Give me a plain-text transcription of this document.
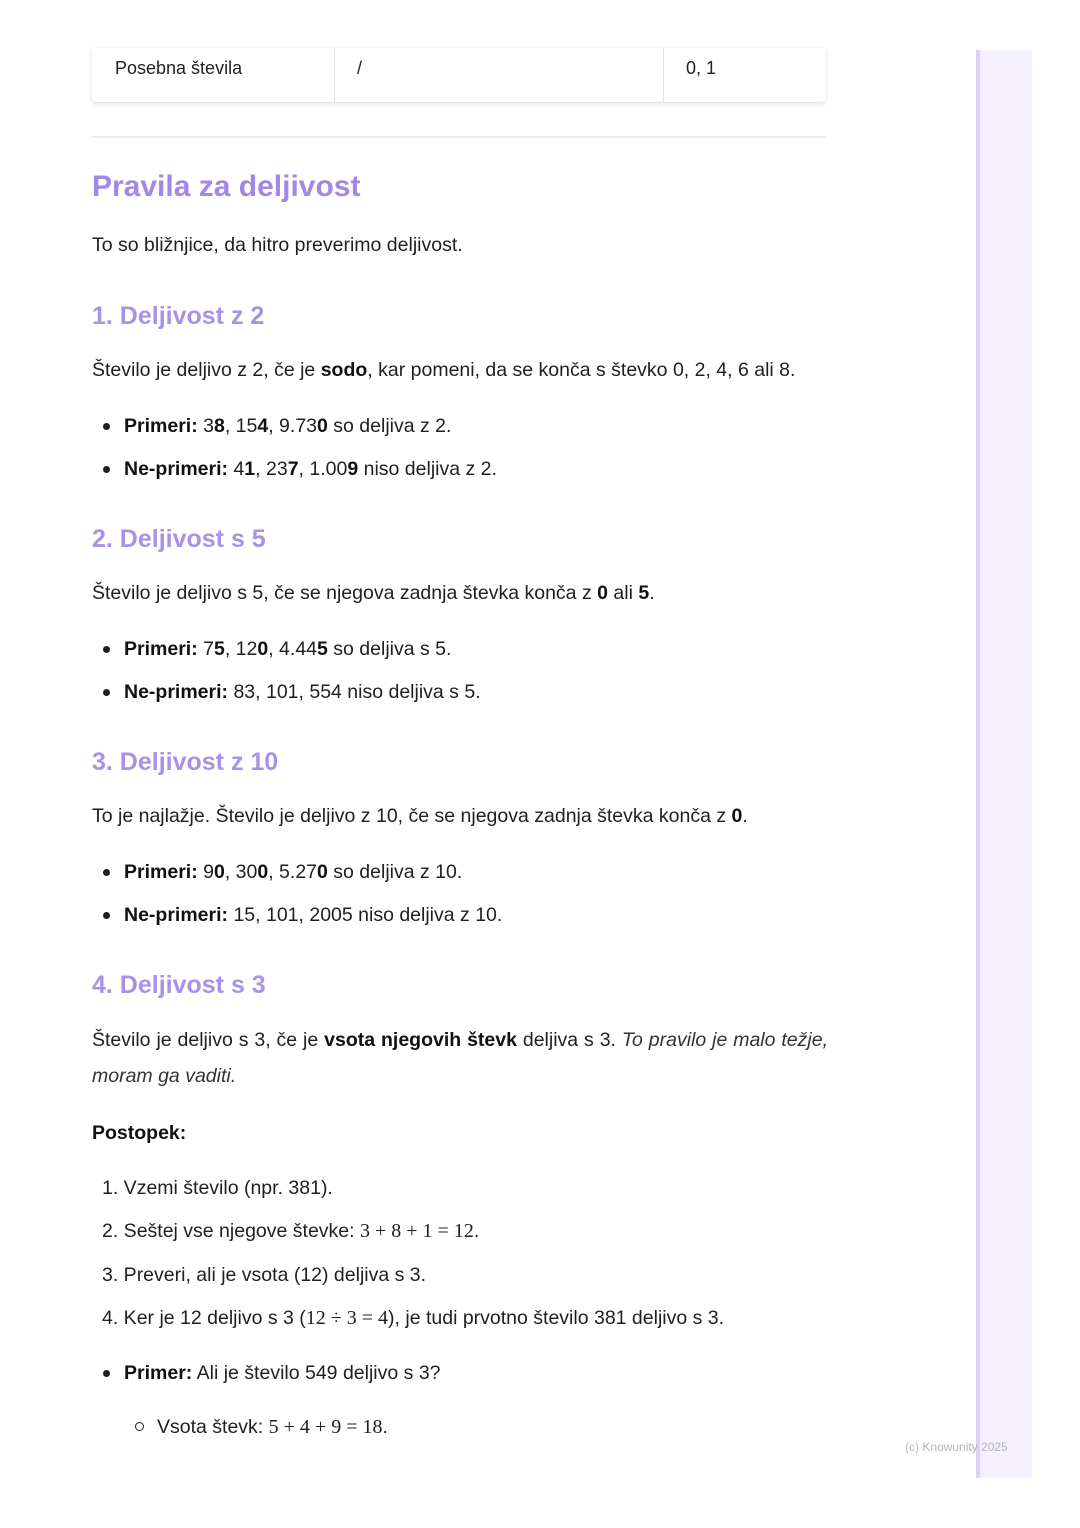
Posebna števila	/	0, 1
Pravila za deljivost

To so bližnjice, da hitro preverimo deljivost.

1. Deljivost z 2

Število je deljivo z 2, če je sodo, kar pomeni, da se konča s števko 0, 2, 4, 6 ali 8.

Primeri: 38, 154, 9.730 so deljiva z 2.

Ne-primeri: 41, 237, 1.009 niso deljiva z 2.

2. Deljivost s 5

Število je deljivo s 5, če se njegova zadnja števka konča z 0 ali 5.

Primeri: 75, 120, 4.445 so deljiva s 5.

Ne-primeri: 83, 101, 554 niso deljiva s 5.

3. Deljivost z 10

To je najlažje. Število je deljivo z 10, če se njegova zadnja števka konča z 0.

Primeri: 90, 300, 5.270 so deljiva z 10.

Ne-primeri: 15, 101, 2005 niso deljiva z 10.

4. Deljivost s 3

Število je deljivo s 3, če je vsota njegovih števk deljiva s 3. To pravilo je malo težje, moram ga vaditi.

Postopek:

1. Vzemi število (npr. 381).

2. Seštej vse njegove števke: 3 + 8 + 1 = 12.

3. Preveri, ali je vsota (12) deljiva s 3.

4. Ker je 12 deljivo s 3 (12 ÷ 3 = 4), je tudi prvotno število 381 deljivo s 3.

Primer: Ali je število 549 deljivo s 3?

Vsota števk: 5 + 4 + 9 = 18.

(c) Knowunity 2025
